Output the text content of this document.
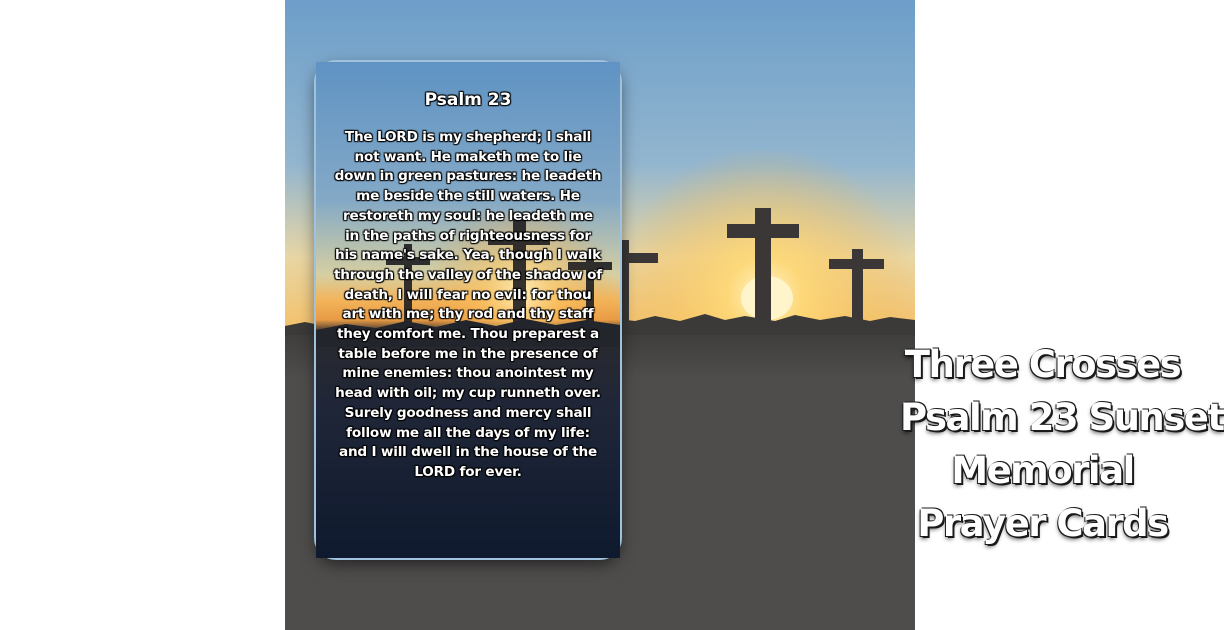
Three Crosses
Psalm 23 Sunset
Memorial
Prayer Cards

Psalm 23

The LORD is my shepherd; I shall not want. He maketh me to lie down in green pastures: he leadeth me beside the still waters. He restoreth my soul: he leadeth me in the paths of righteousness for his name's sake. Yea, though I walk through the valley of the shadow of death, I will fear no evil: for thou art with me; thy rod and thy staff they comfort me. Thou preparest a table before me in the presence of mine enemies: thou anointest my head with oil; my cup runneth over. Surely goodness and mercy shall follow me all the days of my life: and I will dwell in the house of the LORD for ever.
